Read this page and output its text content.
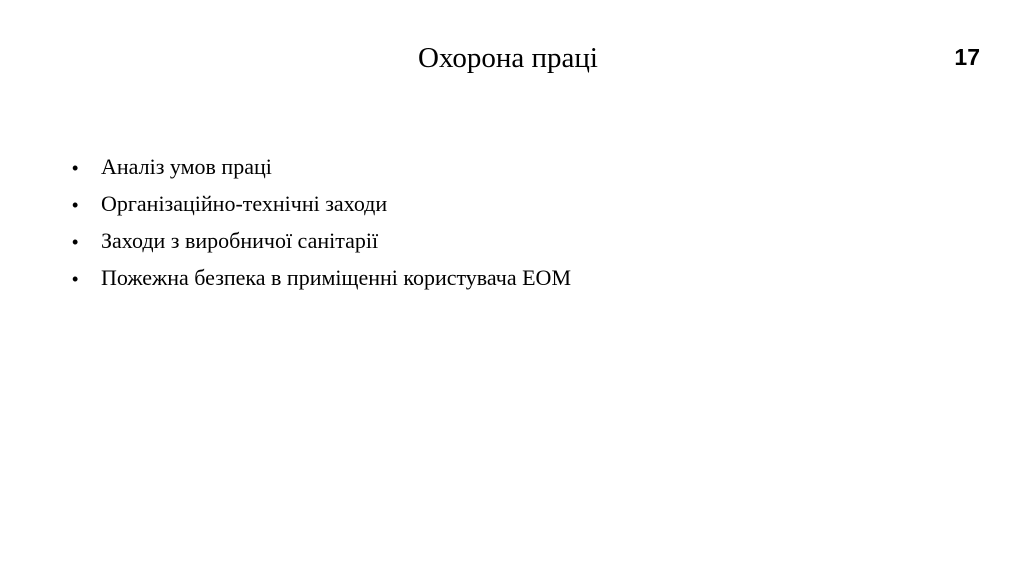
Охорона праці	17
•	Аналіз умов праці
•	Організаційно-технічні заходи
•	Заходи з виробничої санітарії
•	Пожежна безпека в приміщенні користувача ЕОМ
